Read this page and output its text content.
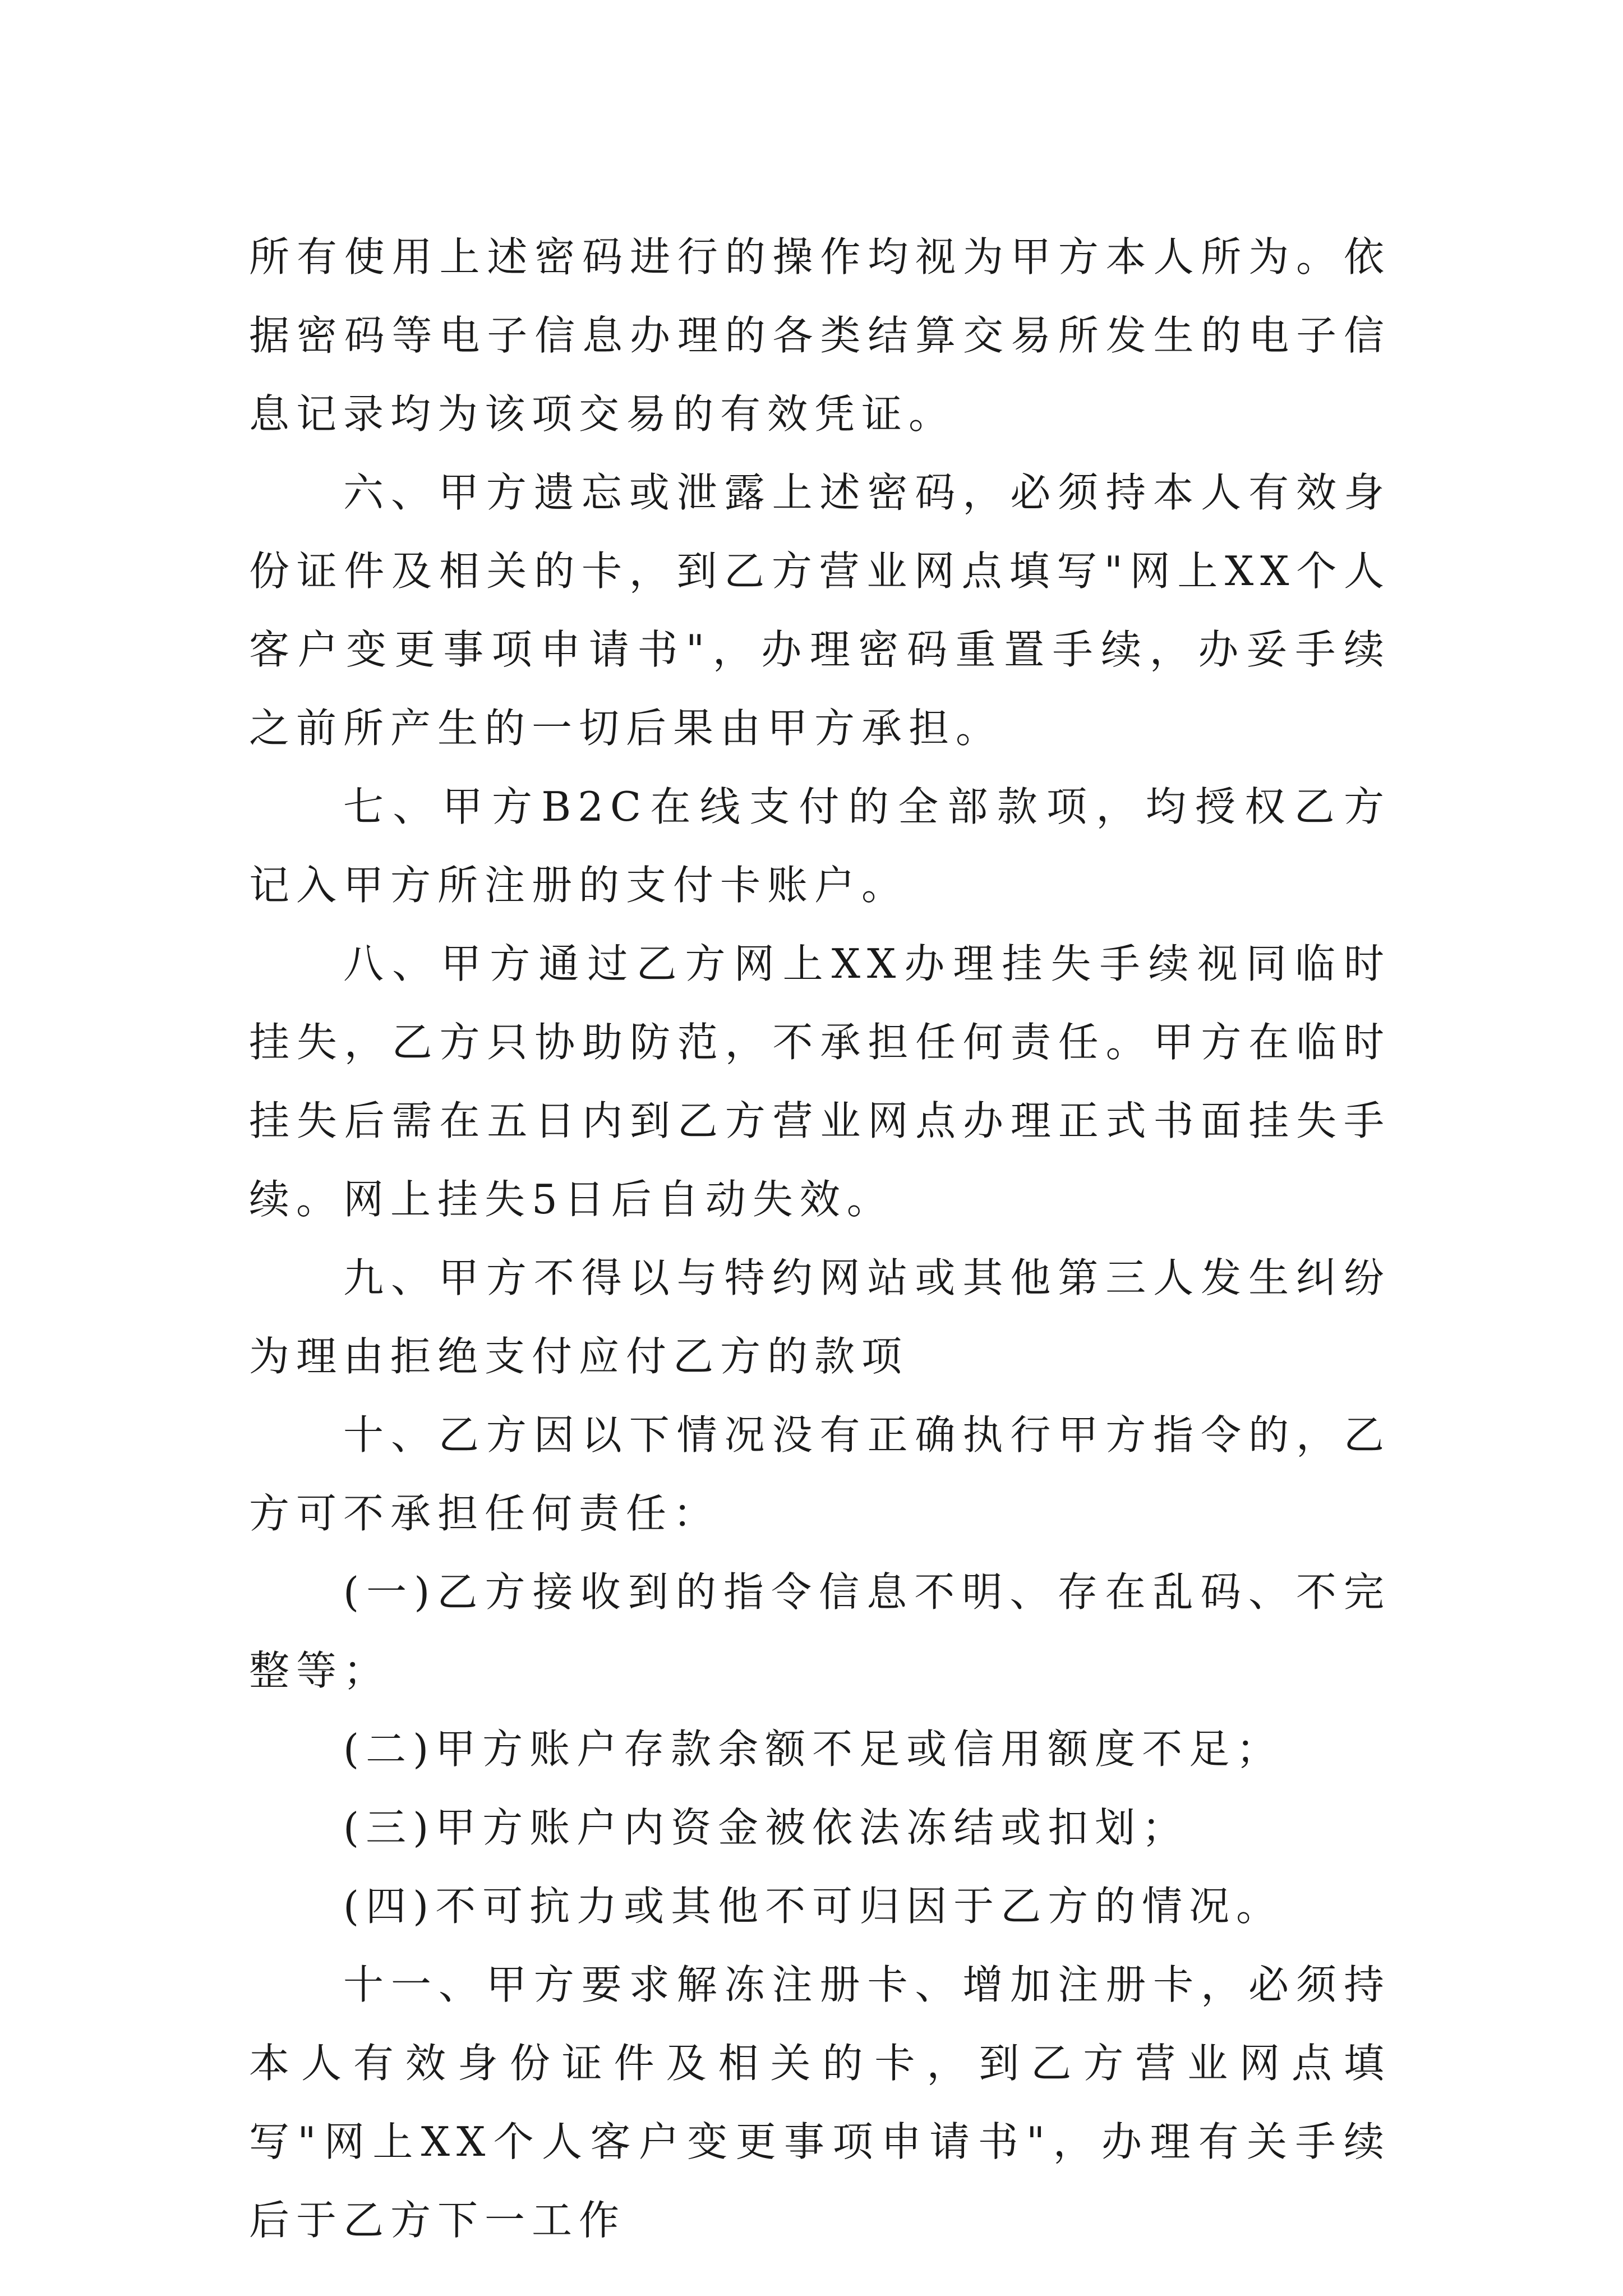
所有使用上述密码进行的操作均视为甲方本人所为。依据密码等电子信息办理的各类结算交易所发生的电子信息记录均为该项交易的有效凭证。

六、甲方遗忘或泄露上述密码，必须持本人有效身份证件及相关的卡，到乙方营业网点填写"网上XX个人客户变更事项申请书"，办理密码重置手续，办妥手续之前所产生的一切后果由甲方承担。

七、甲方B2C在线支付的全部款项，均授权乙方记入甲方所注册的支付卡账户。

八、甲方通过乙方网上XX办理挂失手续视同临时挂失，乙方只协助防范，不承担任何责任。甲方在临时挂失后需在五日内到乙方营业网点办理正式书面挂失手续。网上挂失5日后自动失效。

九、甲方不得以与特约网站或其他第三人发生纠纷为理由拒绝支付应付乙方的款项

十、乙方因以下情况没有正确执行甲方指令的，乙方可不承担任何责任：

(一)乙方接收到的指令信息不明、存在乱码、不完整等；

(二)甲方账户存款余额不足或信用额度不足；

(三)甲方账户内资金被依法冻结或扣划；

(四)不可抗力或其他不可归因于乙方的情况。

十一、甲方要求解冻注册卡、增加注册卡，必须持本人有效身份证件及相关的卡，到乙方营业网点填写"网上XX个人客户变更事项申请书"，办理有关手续后于乙方下一工作
